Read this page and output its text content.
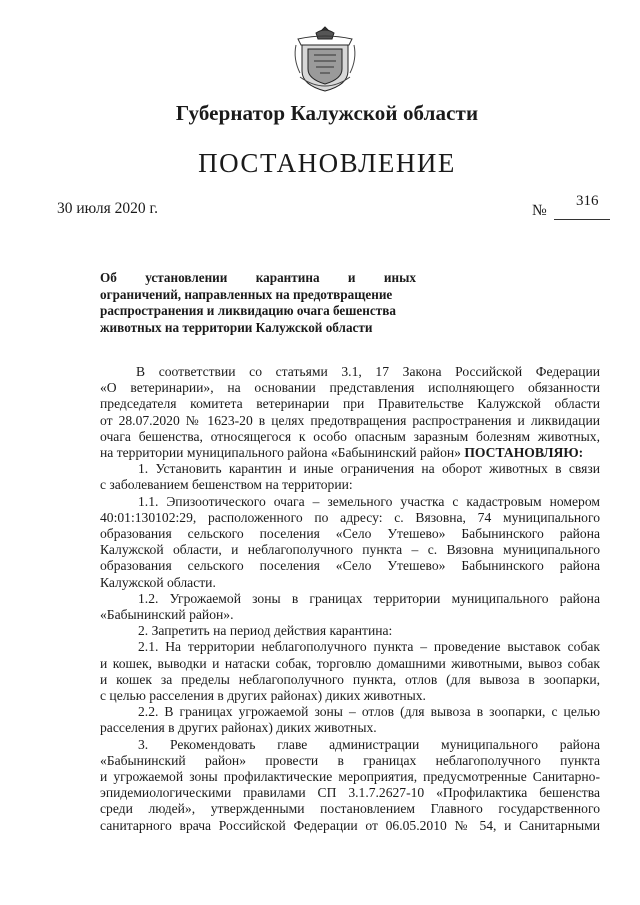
Губернатор Калужской области
ПОСТАНОВЛЕНИЕ
30 июля 2020 г.	№
316
Об установлении карантина и иных
ограничений, направленных на предотвращение
распространения и ликвидацию очага бешенства
животных на территории Калужской области
В соответствии со статьями 3.1, 17 Закона Российской Федерации
«О ветеринарии», на основании представления исполняющего обязанности
председателя комитета ветеринарии при Правительстве Калужской области
от 28.07.2020 № 1623-20 в целях предотвращения распространения и ликвидации
очага бешенства, относящегося к особо опасным заразным болезням животных,
на территории муниципального района «Бабынинский район» ПОСТАНОВЛЯЮ:
1. Установить карантин и иные ограничения на оборот животных в связи
с заболеванием бешенством на территории:
1.1. Эпизоотического очага – земельного участка с кадастровым номером
40:01:130102:29, расположенного по адресу: с. Вязовна, 74 муниципального
образования сельского поселения «Село Утешево» Бабынинского района
Калужской области, и неблагополучного пункта – с. Вязовна муниципального
образования сельского поселения «Село Утешево» Бабынинского района
Калужской области.
1.2. Угрожаемой зоны в границах территории муниципального района
«Бабынинский район».
2. Запретить на период действия карантина:
2.1. На территории неблагополучного пункта – проведение выставок собак
и кошек, выводки и натаски собак, торговлю домашними животными, вывоз собак
и кошек за пределы неблагополучного пункта, отлов (для вывоза в зоопарки,
с целью расселения в других районах) диких животных.
2.2. В границах угрожаемой зоны – отлов (для вывоза в зоопарки, с целью
расселения в других районах) диких животных.
3. Рекомендовать главе администрации муниципального района
«Бабынинский район» провести в границах неблагополучного пункта
и угрожаемой зоны профилактические мероприятия, предусмотренные Санитарно-
эпидемиологическими правилами СП 3.1.7.2627-10 «Профилактика бешенства
среди людей», утвержденными постановлением Главного государственного
санитарного врача Российской Федерации от 06.05.2010 № 54, и Санитарными
